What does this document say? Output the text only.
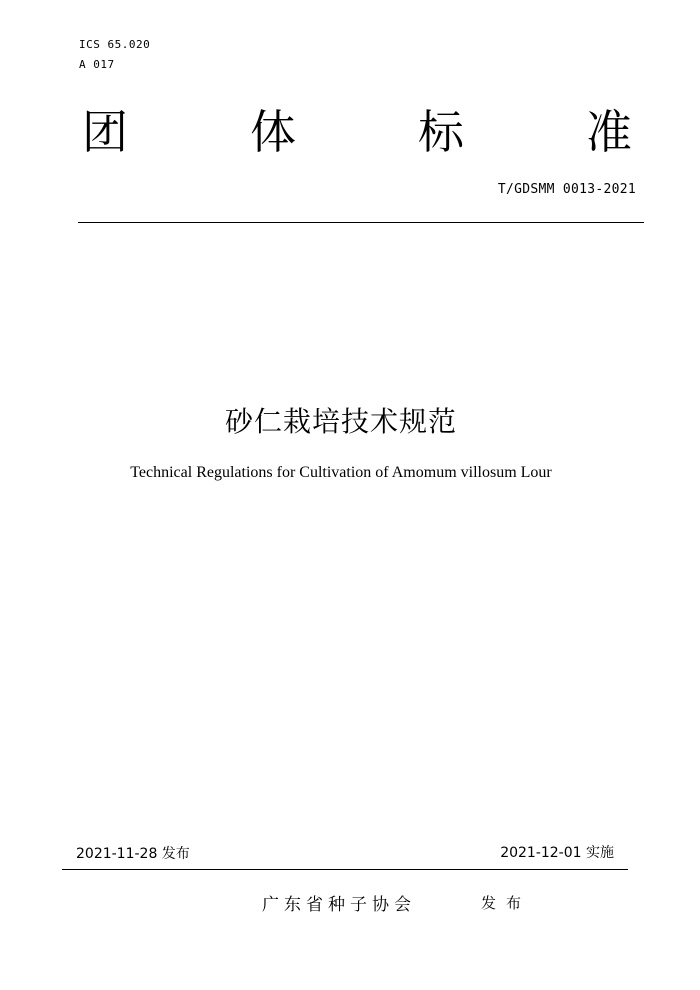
ICS 65.020
A 017
团	体	标	准
T/GDSMM 0013-2021
砂仁栽培技术规范
Technical Regulations for Cultivation of Amomum villosum Lour
2021-11-28 发布	2021-12-01 实施
广东省种子协会	发布
